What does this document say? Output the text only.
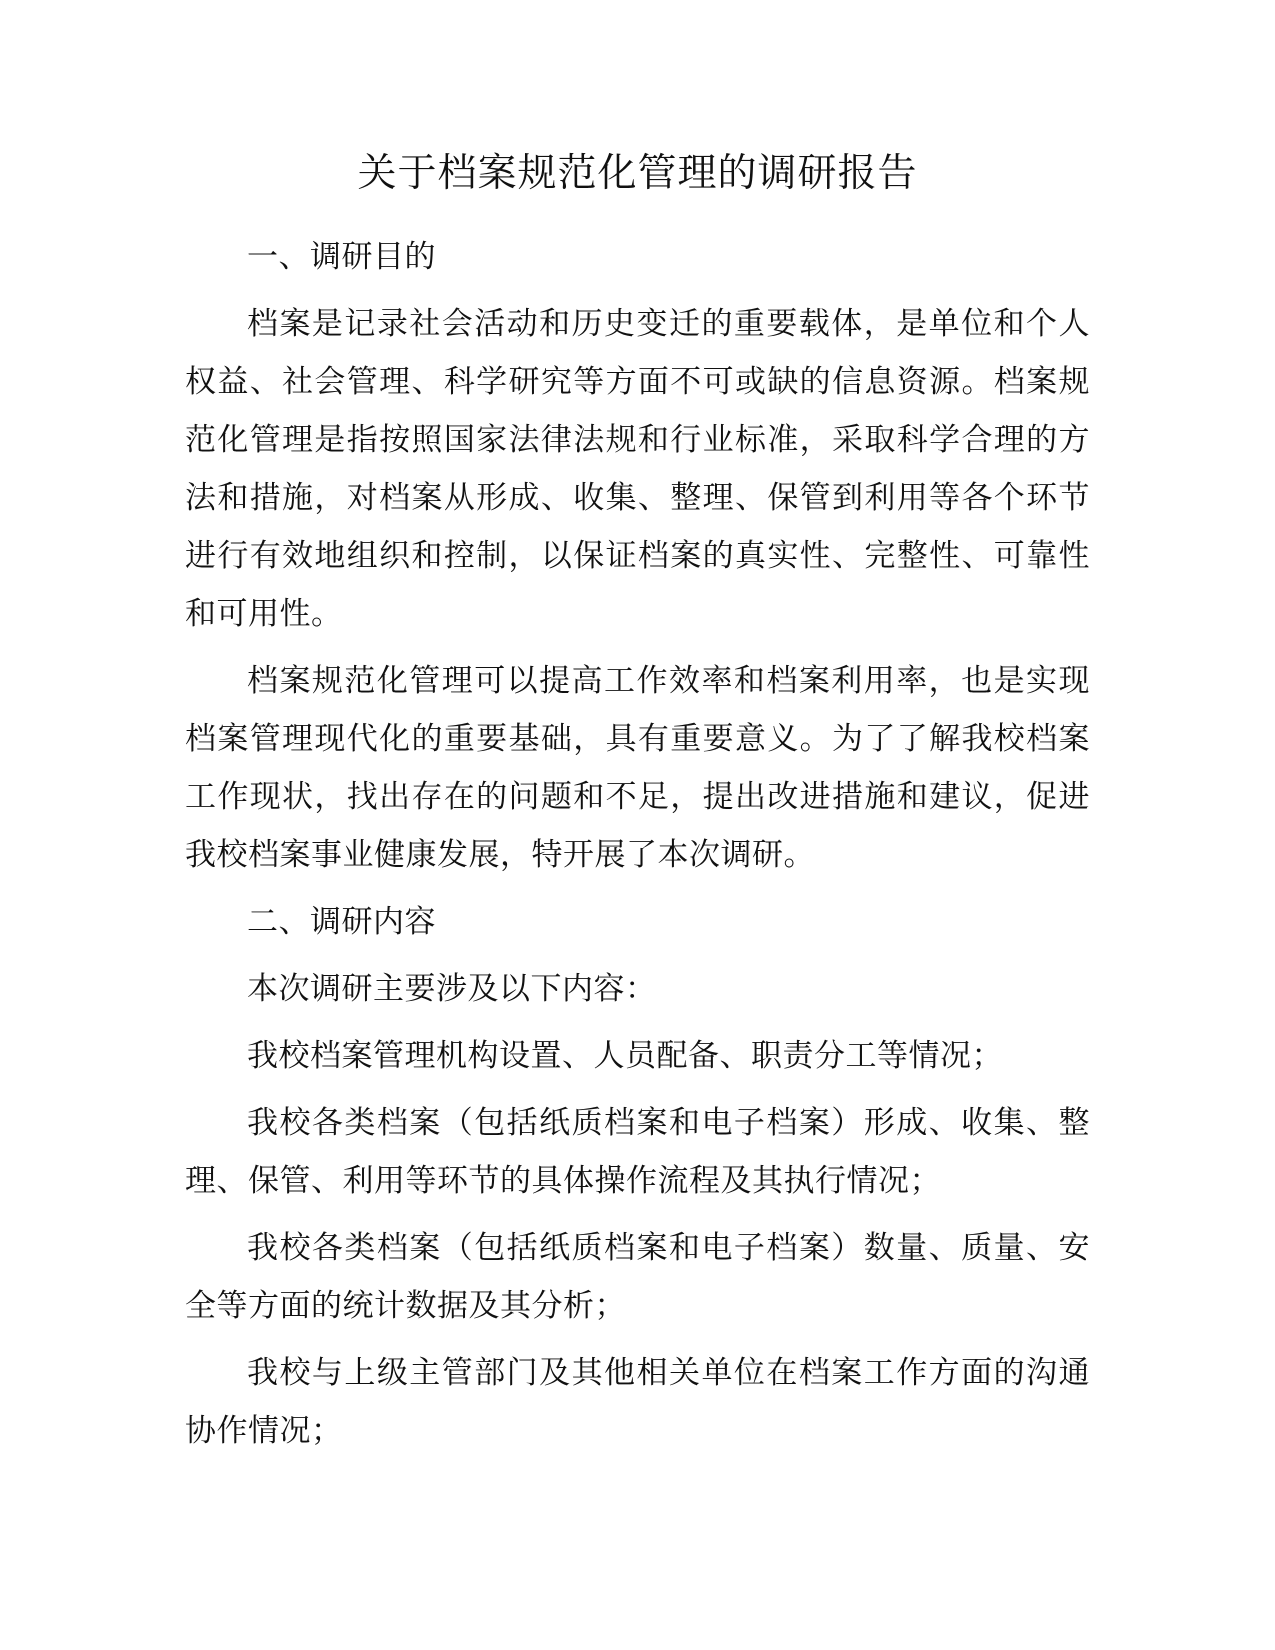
关于档案规范化管理的调研报告

一、调研目的

档案是记录社会活动和历史变迁的重要载体，是单位和个人权益、社会管理、科学研究等方面不可或缺的信息资源。档案规范化管理是指按照国家法律法规和行业标准，采取科学合理的方法和措施，对档案从形成、收集、整理、保管到利用等各个环节进行有效地组织和控制，以保证档案的真实性、完整性、可靠性和可用性。

档案规范化管理可以提高工作效率和档案利用率，也是实现档案管理现代化的重要基础，具有重要意义。为了了解我校档案工作现状，找出存在的问题和不足，提出改进措施和建议，促进我校档案事业健康发展，特开展了本次调研。

二、调研内容

本次调研主要涉及以下内容：

我校档案管理机构设置、人员配备、职责分工等情况；

我校各类档案（包括纸质档案和电子档案）形成、收集、整理、保管、利用等环节的具体操作流程及其执行情况；

我校各类档案（包括纸质档案和电子档案）数量、质量、安全等方面的统计数据及其分析；

我校与上级主管部门及其他相关单位在档案工作方面的沟通协作情况；
